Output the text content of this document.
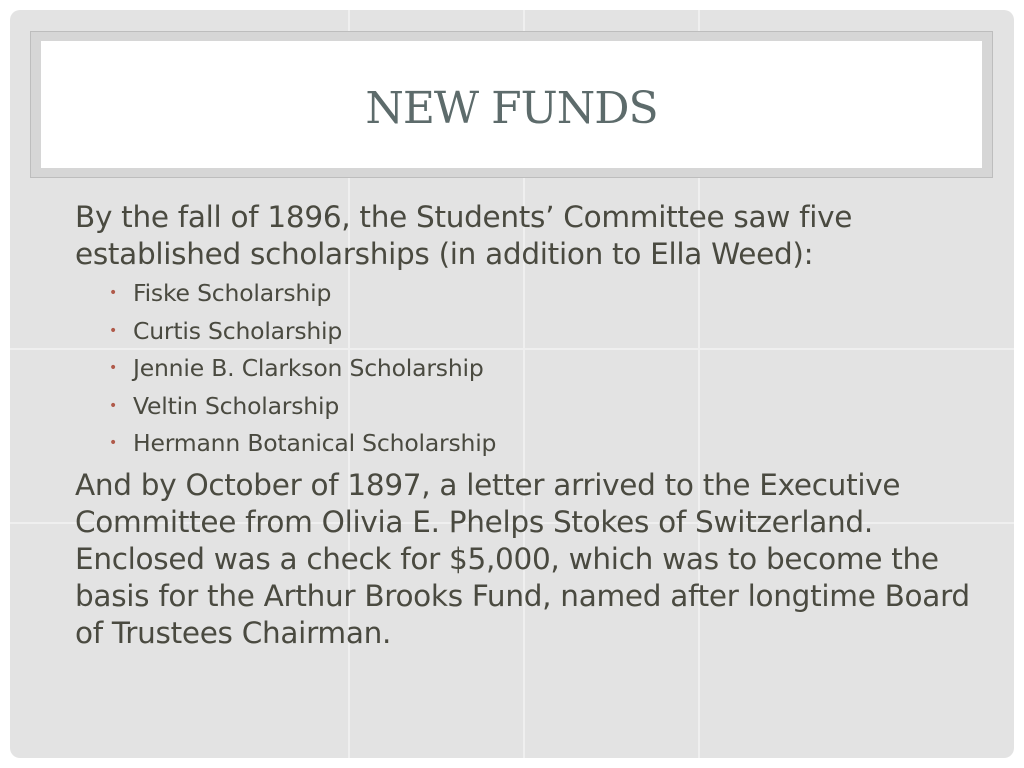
NEW FUNDS

By the fall of 1896, the Students’ Committee saw five established scholarships (in addition to Ella Weed):

• Fiske Scholarship
• Curtis Scholarship
• Jennie B. Clarkson Scholarship
• Veltin Scholarship
• Hermann Botanical Scholarship

And by October of 1897, a letter arrived to the Executive Committee from Olivia E. Phelps Stokes of Switzerland. Enclosed was a check for $5,000, which was to become the basis for the Arthur Brooks Fund, named after longtime Board of Trustees Chairman.
